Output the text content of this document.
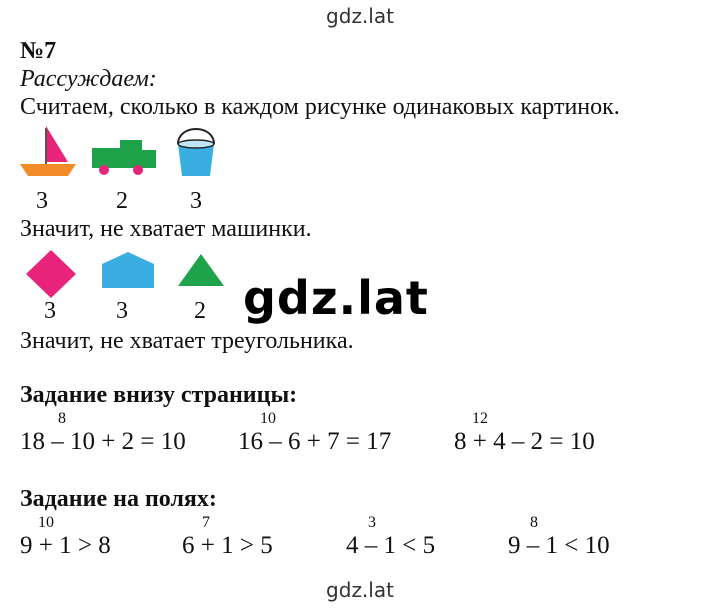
gdz.lat
№7
Рассуждаем:
Считаем, сколько в каждом рисунке одинаковых картинок.
3	2	3
Значит, не хватает машинки.
3	3	2 gdz.lat
Значит, не хватает треугольника.
Задание внизу страницы:
8
18 – 10 + 2 = 10
10
16 – 6 + 7 = 17
12
8 + 4 – 2 = 10
Задание на полях:
10
9 + 1 > 8
7
6 + 1 > 5
3
4 – 1 < 5
8
9 – 1 < 10
gdz.lat
